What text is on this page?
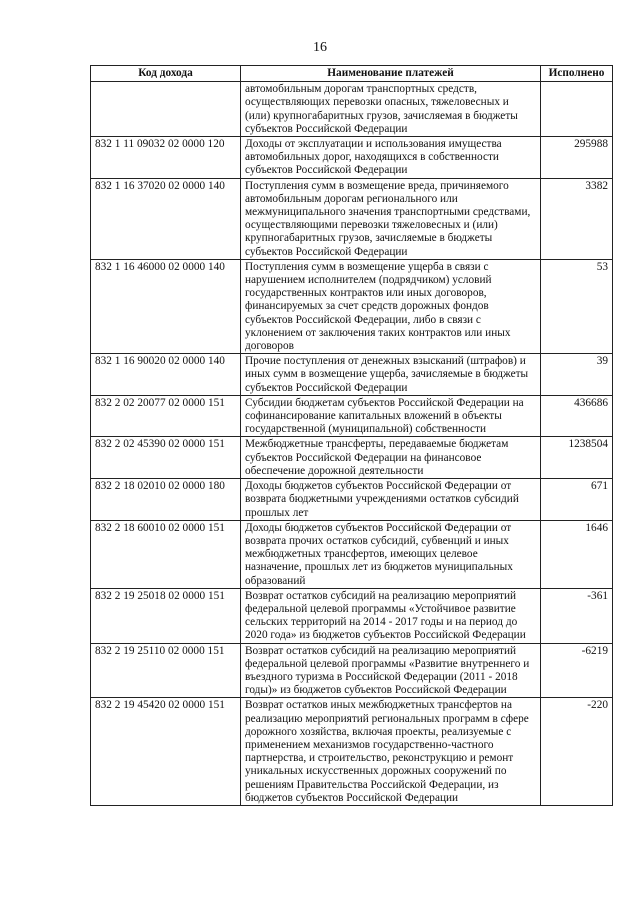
16
Код дохода	Наименование платежей	Исполнено
	автомобильным дорогам транспортных средств, осуществляющих перевозки опасных, тяжеловесных и (или) крупногабаритных грузов, зачисляемая в бюджеты субъектов Российской Федерации	
832 1 11 09032 02 0000 120	Доходы от эксплуатации и использования имущества автомобильных дорог, находящихся в собственности субъектов Российской Федерации	295988
832 1 16 37020 02 0000 140	Поступления сумм в возмещение вреда, причиняемого автомобильным дорогам регионального или межмуниципального значения транспортными средствами, осуществляющими перевозки тяжеловесных и (или) крупногабаритных грузов, зачисляемые в бюджеты субъектов Российской Федерации	3382
832 1 16 46000 02 0000 140	Поступления сумм в возмещение ущерба в связи с нарушением исполнителем (подрядчиком) условий государственных контрактов или иных договоров, финансируемых за счет средств дорожных фондов субъектов Российской Федерации, либо в связи с уклонением от заключения таких контрактов или иных договоров	53
832 1 16 90020 02 0000 140	Прочие поступления от денежных взысканий (штрафов) и иных сумм в возмещение ущерба, зачисляемые в бюджеты субъектов Российской Федерации	39
832 2 02 20077 02 0000 151	Субсидии бюджетам субъектов Российской Федерации на софинансирование капитальных вложений в объекты государственной (муниципальной) собственности	436686
832 2 02 45390 02 0000 151	Межбюджетные трансферты, передаваемые бюджетам субъектов Российской Федерации на финансовое обеспечение дорожной деятельности	1238504
832 2 18 02010 02 0000 180	Доходы бюджетов субъектов Российской Федерации от возврата бюджетными учреждениями остатков субсидий прошлых лет	671
832 2 18 60010 02 0000 151	Доходы бюджетов субъектов Российской Федерации от возврата прочих остатков субсидий, субвенций и иных межбюджетных трансфертов, имеющих целевое назначение, прошлых лет из бюджетов муниципальных образований	1646
832 2 19 25018 02 0000 151	Возврат остатков субсидий на реализацию мероприятий федеральной целевой программы «Устойчивое развитие сельских территорий на 2014 - 2017 годы и на период до 2020 года» из бюджетов субъектов Российской Федерации	-361
832 2 19 25110 02 0000 151	Возврат остатков субсидий на реализацию мероприятий федеральной целевой программы «Развитие внутреннего и въездного туризма в Российской Федерации (2011 - 2018 годы)» из бюджетов субъектов Российской Федерации	-6219
832 2 19 45420 02 0000 151	Возврат остатков иных межбюджетных трансфертов на реализацию мероприятий региональных программ в сфере дорожного хозяйства, включая проекты, реализуемые с применением механизмов государственно-частного партнерства, и строительство, реконструкцию и ремонт уникальных искусственных дорожных сооружений по решениям Правительства Российской Федерации, из бюджетов субъектов Российской Федерации	-220
